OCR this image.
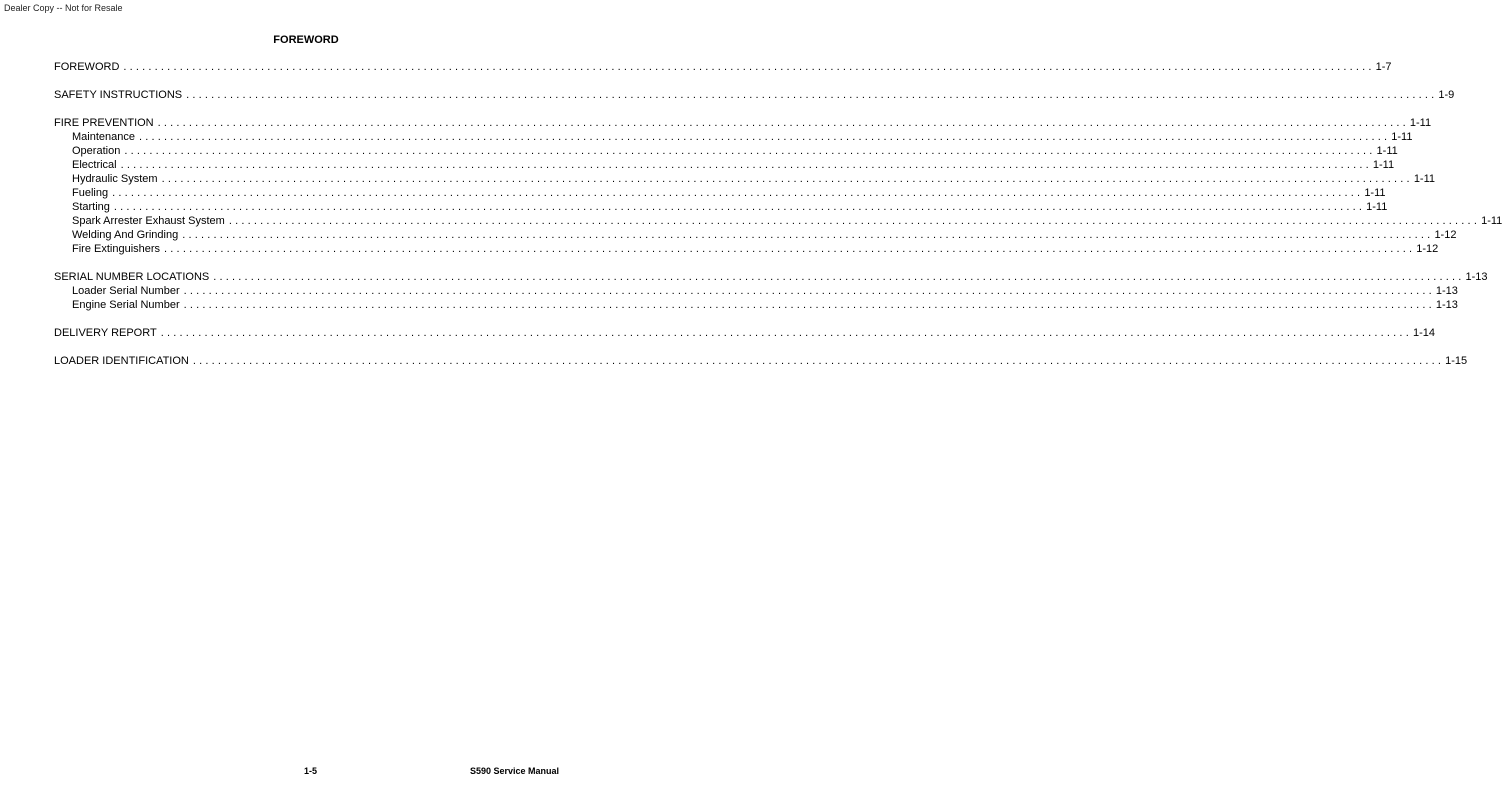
Dealer Copy -- Not for Resale
FOREWORD
FOREWORD ........................................................................................................................................................................................................ 1-7
SAFETY INSTRUCTIONS ........................................................................................................................................................................................................ 1-9
FIRE PREVENTION ........................................................................................................................................................................................................ 1-11
Maintenance ........................................................................................................................................................................................................ 1-11
Operation ........................................................................................................................................................................................................ 1-11
Electrical ........................................................................................................................................................................................................ 1-11
Hydraulic System ........................................................................................................................................................................................................ 1-11
Fueling ........................................................................................................................................................................................................ 1-11
Starting ........................................................................................................................................................................................................ 1-11
Spark Arrester Exhaust System ........................................................................................................................................................................................................ 1-11
Welding And Grinding ........................................................................................................................................................................................................ 1-12
Fire Extinguishers ........................................................................................................................................................................................................ 1-12
SERIAL NUMBER LOCATIONS ........................................................................................................................................................................................................ 1-13
Loader Serial Number ........................................................................................................................................................................................................ 1-13
Engine Serial Number ........................................................................................................................................................................................................ 1-13
DELIVERY REPORT ........................................................................................................................................................................................................ 1-14
LOADER IDENTIFICATION ........................................................................................................................................................................................................ 1-15
1-5	S590 Service Manual
